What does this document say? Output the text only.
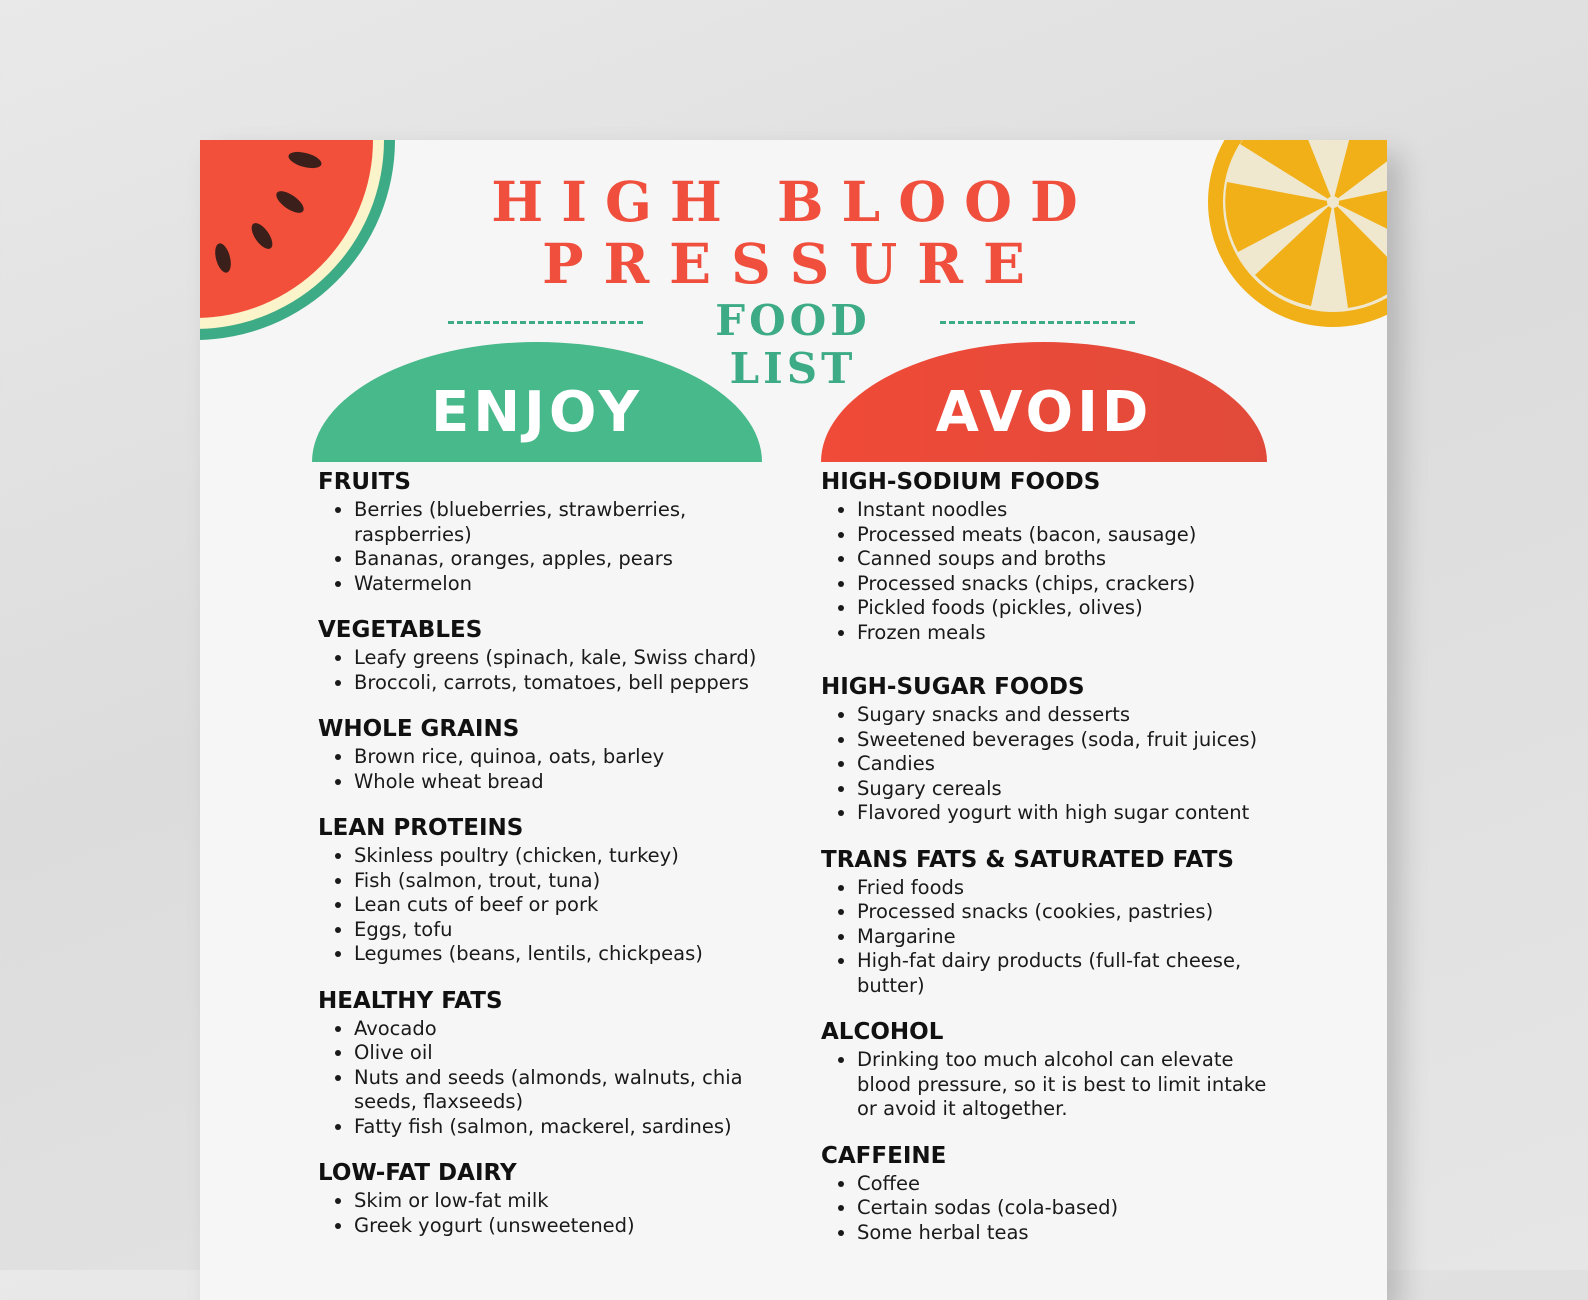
HIGH BLOOD
PRESSURE
FOOD LIST
ENJOY	AVOID
FRUITS
• Berries (blueberries, strawberries, raspberries)
• Bananas, oranges, apples, pears
• Watermelon
VEGETABLES
• Leafy greens (spinach, kale, Swiss chard)
• Broccoli, carrots, tomatoes, bell peppers
WHOLE GRAINS
• Brown rice, quinoa, oats, barley
• Whole wheat bread
LEAN PROTEINS
• Skinless poultry (chicken, turkey)
• Fish (salmon, trout, tuna)
• Lean cuts of beef or pork
• Eggs, tofu
• Legumes (beans, lentils, chickpeas)
HEALTHY FATS
• Avocado
• Olive oil
• Nuts and seeds (almonds, walnuts, chia seeds, flaxseeds)
• Fatty fish (salmon, mackerel, sardines)
LOW-FAT DAIRY
• Skim or low-fat milk
• Greek yogurt (unsweetened)
HIGH-SODIUM FOODS
• Instant noodles
• Processed meats (bacon, sausage)
• Canned soups and broths
• Processed snacks (chips, crackers)
• Pickled foods (pickles, olives)
• Frozen meals
HIGH-SUGAR FOODS
• Sugary snacks and desserts
• Sweetened beverages (soda, fruit juices)
• Candies
• Sugary cereals
• Flavored yogurt with high sugar content
TRANS FATS & SATURATED FATS
• Fried foods
• Processed snacks (cookies, pastries)
• Margarine
• High-fat dairy products (full-fat cheese, butter)
ALCOHOL
• Drinking too much alcohol can elevate blood pressure, so it is best to limit intake or avoid it altogether.
CAFFEINE
• Coffee
• Certain sodas (cola-based)
• Some herbal teas
